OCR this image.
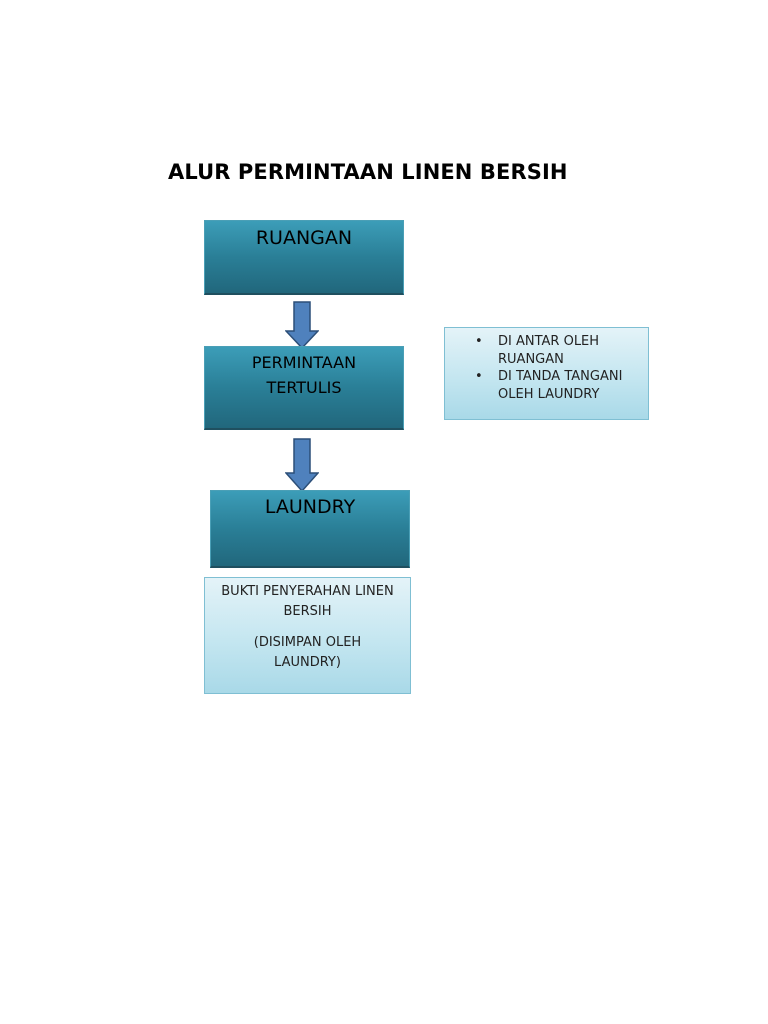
ALUR PERMINTAAN LINEN BERSIH
RUANGAN
PERMINTAAN
TERTULIS
LAUNDRY
• DI ANTAR OLEH
RUANGAN
• DI TANDA TANGANI
OLEH LAUNDRY
BUKTI PENYERAHAN LINEN
BERSIH
(DISIMPAN OLEH
LAUNDRY)
